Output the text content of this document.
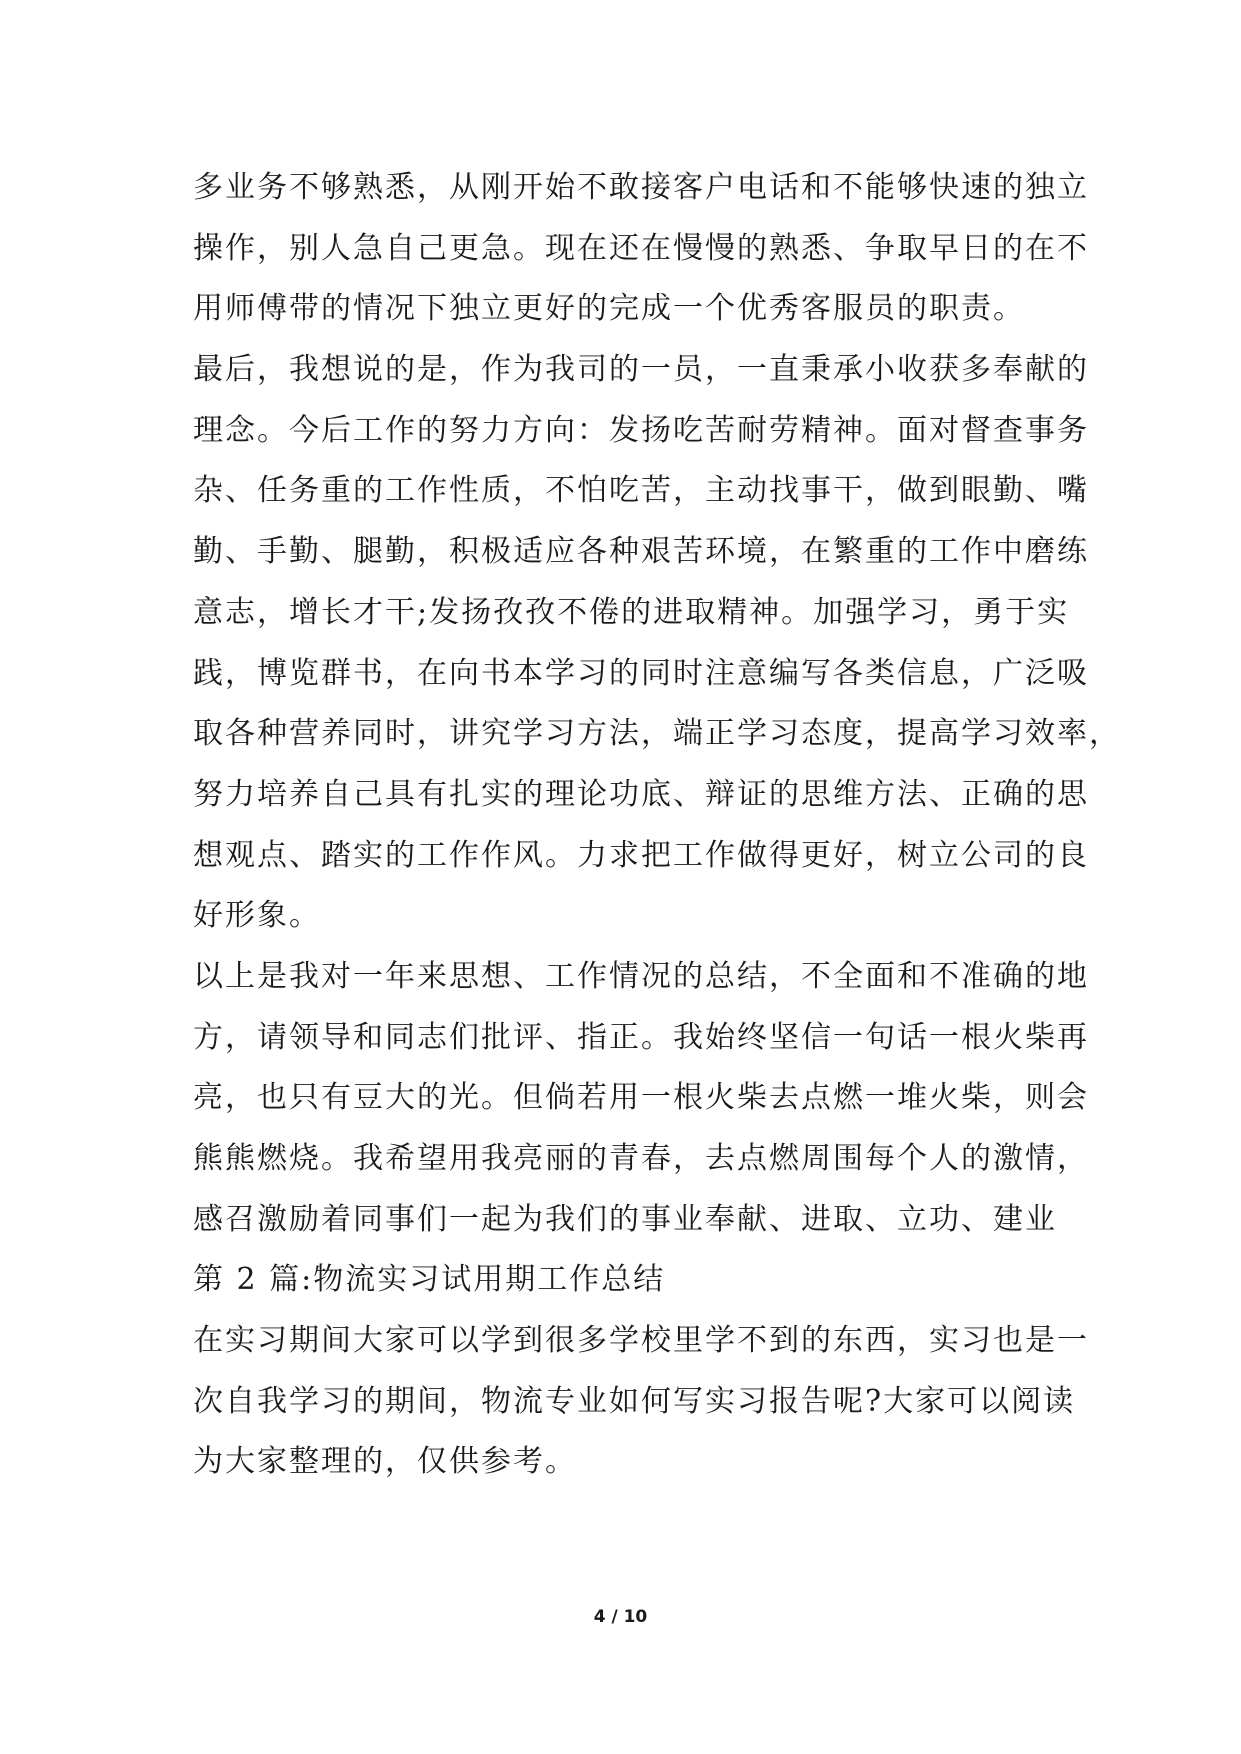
多业务不够熟悉，从刚开始不敢接客户电话和不能够快速的独立
操作，别人急自己更急。现在还在慢慢的熟悉、争取早日的在不
用师傅带的情况下独立更好的完成一个优秀客服员的职责。
最后，我想说的是，作为我司的一员，一直秉承小收获多奉献的
理念。今后工作的努力方向：发扬吃苦耐劳精神。面对督查事务
杂、任务重的工作性质，不怕吃苦，主动找事干，做到眼勤、嘴
勤、手勤、腿勤，积极适应各种艰苦环境，在繁重的工作中磨练
意志，增长才干;发扬孜孜不倦的进取精神。加强学习，勇于实
践，博览群书，在向书本学习的同时注意编写各类信息，广泛吸
取各种营养同时，讲究学习方法，端正学习态度，提高学习效率，
努力培养自己具有扎实的理论功底、辩证的思维方法、正确的思
想观点、踏实的工作作风。力求把工作做得更好，树立公司的良
好形象。
以上是我对一年来思想、工作情况的总结，不全面和不准确的地
方，请领导和同志们批评、指正。我始终坚信一句话一根火柴再
亮，也只有豆大的光。但倘若用一根火柴去点燃一堆火柴，则会
熊熊燃烧。我希望用我亮丽的青春，去点燃周围每个人的激情，
感召激励着同事们一起为我们的事业奉献、进取、立功、建业
第 2 篇:物流实习试用期工作总结
在实习期间大家可以学到很多学校里学不到的东西，实习也是一
次自我学习的期间，物流专业如何写实习报告呢?大家可以阅读
为大家整理的，仅供参考。
4 / 10
